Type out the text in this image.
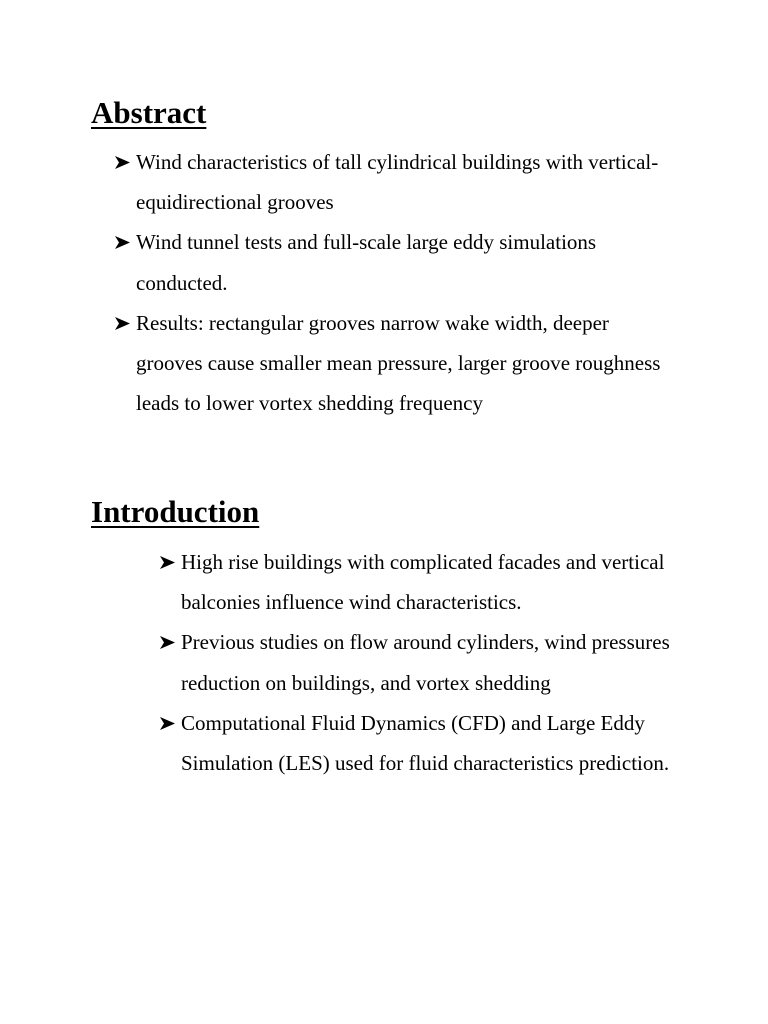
Abstract
Wind characteristics of tall cylindrical buildings with vertical-equidirectional grooves
Wind tunnel tests and full-scale large eddy simulations conducted.
Results: rectangular grooves narrow wake width, deeper grooves cause smaller mean pressure, larger groove roughness leads to lower vortex shedding frequency
Introduction
High rise buildings with complicated facades and vertical balconies influence wind characteristics.
Previous studies on flow around cylinders, wind pressures reduction on buildings, and vortex shedding
Computational Fluid Dynamics (CFD) and Large Eddy Simulation (LES) used for fluid characteristics prediction.
